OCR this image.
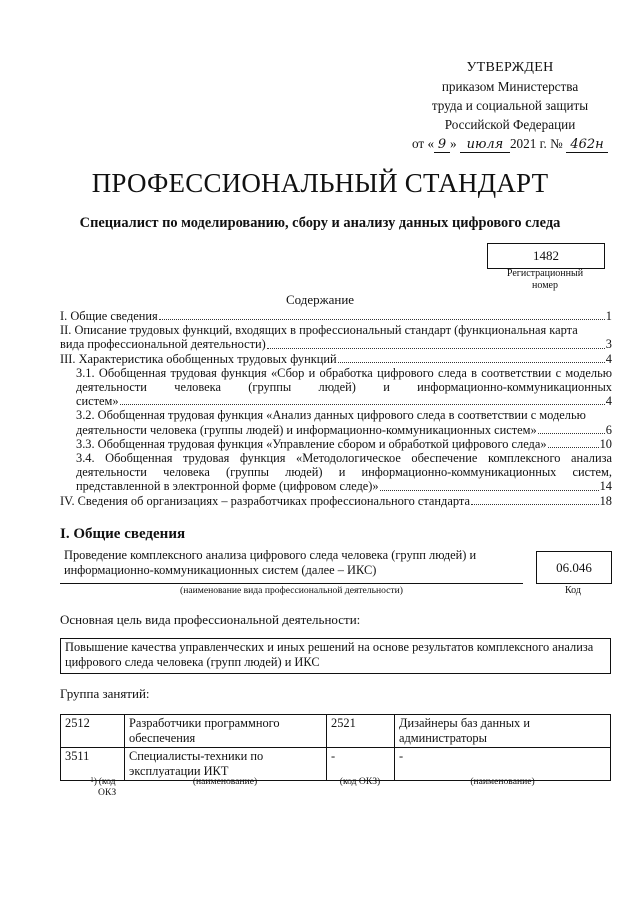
УТВЕРЖДЕН
приказом Министерства
труда и социальной защиты
Российской Федерации
от « 9 » июля 2021 г. № 462н
ПРОФЕССИОНАЛЬНЫЙ СТАНДАРТ
Специалист по моделированию, сбору и анализу данных цифрового следа
1482
Регистрационный
номер
Содержание
I. Общие сведения	1
II. Описание трудовых функций, входящих в профессиональный стандарт (функциональная карта
вида профессиональной деятельности)	3
III. Характеристика обобщенных трудовых функций	4
3.1. Обобщенная трудовая функция «Сбор и обработка цифрового следа в соответствии с моделью деятельности человека (группы людей) и информационно-коммуникационных
систем»	4
3.2. Обобщенная трудовая функция «Анализ данных цифрового следа в соответствии с моделью
деятельности человека (группы людей) и информационно-коммуникационных систем»	6
3.3. Обобщенная трудовая функция «Управление сбором и обработкой цифрового следа»	10
3.4. Обобщенная трудовая функция «Методологическое обеспечение комплексного анализа деятельности человека (группы людей) и информационно-коммуникационных систем,
представленной в электронной форме (цифровом следе)»	14
IV. Сведения об организациях – разработчиках профессионального стандарта	18
I. Общие сведения
Проведение комплексного анализа цифрового следа человека (групп людей) и информационно-коммуникационных систем (далее – ИКС)
(наименование вида профессиональной деятельности)
06.046
Код
Основная цель вида профессиональной деятельности:
Повышение качества управленческих и иных решений на основе результатов комплексного анализа цифрового следа человека (групп людей) и ИКС
Группа занятий:
2512	Разработчики программного обеспечения	2521	Дизайнеры баз данных и администраторы
3511	Специалисты-техники по эксплуатации ИКТ	-	-
(код ОКЗ
$^1$ )	(наименование)	(код ОКЗ)	(наименование)
